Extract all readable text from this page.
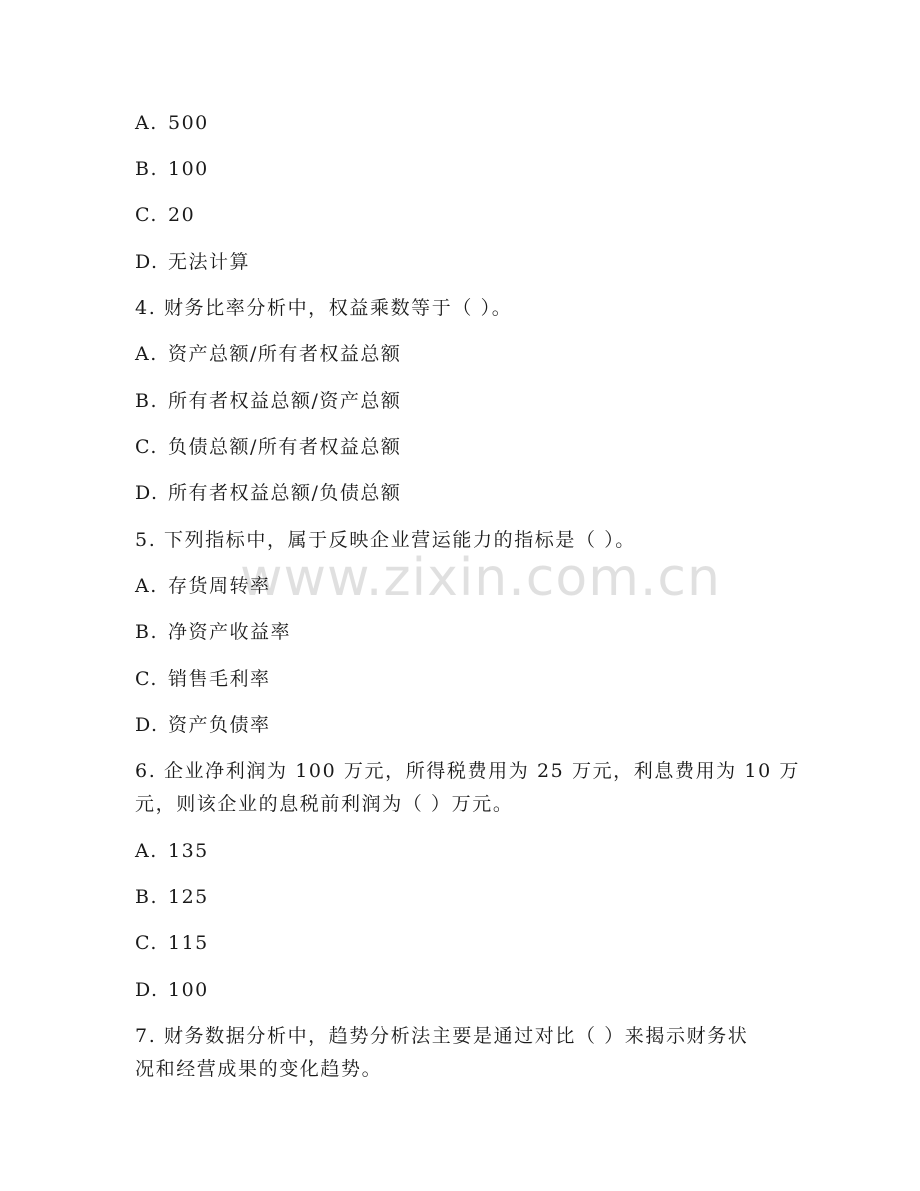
A. 500
B. 100
C. 20
D. 无法计算
4. 财务比率分析中，权益乘数等于（ ）。
A. 资产总额/所有者权益总额
B. 所有者权益总额/资产总额
C. 负债总额/所有者权益总额
D. 所有者权益总额/负债总额
5. 下列指标中，属于反映企业营运能力的指标是（ ）。
A. 存货周转率
B. 净资产收益率
C. 销售毛利率
D. 资产负债率
6. 企业净利润为 100 万元，所得税费用为 25 万元，利息费用为 10 万
元，则该企业的息税前利润为（ ）万元。
A. 135
B. 125
C. 115
D. 100
7. 财务数据分析中，趋势分析法主要是通过对比（ ）来揭示财务状
况和经营成果的变化趋势。
www.zixin.com.cn
